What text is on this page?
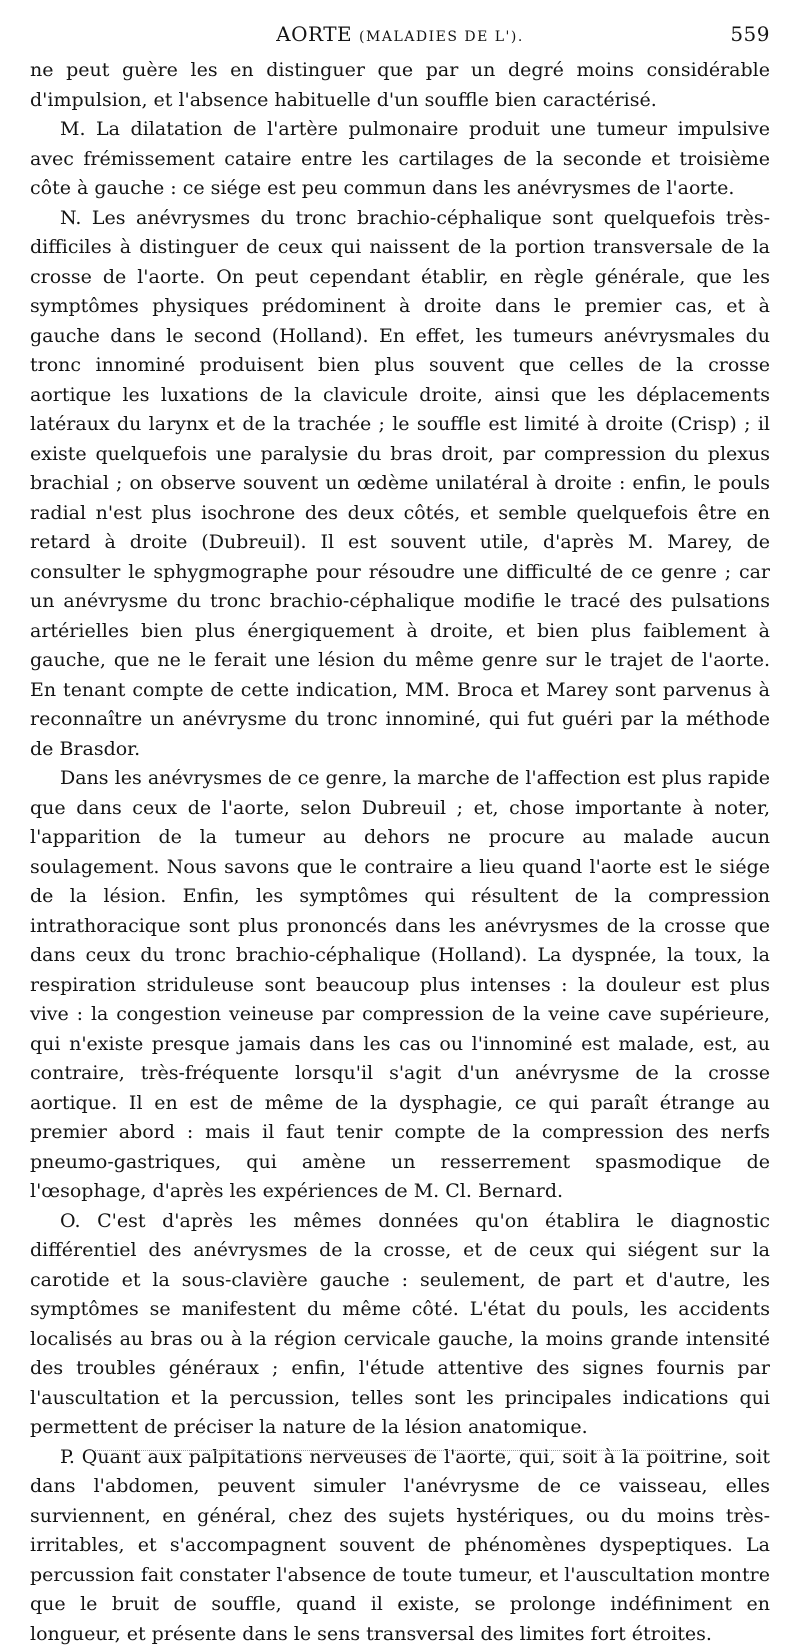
AORTE (MALADIES DE L').	559

ne peut guère les en distinguer que par un degré moins considérable d'impulsion, et l'absence habituelle d'un souffle bien caractérisé.

M. La dilatation de l'artère pulmonaire produit une tumeur impulsive avec frémissement cataire entre les cartilages de la seconde et troisième côte à gauche : ce siége est peu commun dans les anévrysmes de l'aorte.

N. Les anévrysmes du tronc brachio-céphalique sont quelquefois très-difficiles à distinguer de ceux qui naissent de la portion transversale de la crosse de l'aorte. On peut cependant établir, en règle générale, que les symptômes physiques prédominent à droite dans le premier cas, et à gauche dans le second (Holland). En effet, les tumeurs anévrysmales du tronc innominé produisent bien plus souvent que celles de la crosse aortique les luxations de la clavicule droite, ainsi que les déplacements latéraux du larynx et de la trachée ; le souffle est limité à droite (Crisp) ; il existe quelquefois une paralysie du bras droit, par compression du plexus brachial ; on observe souvent un œdème unilatéral à droite : enfin, le pouls radial n'est plus isochrone des deux côtés, et semble quelquefois être en retard à droite (Dubreuil). Il est souvent utile, d'après M. Marey, de consulter le sphygmographe pour résoudre une difficulté de ce genre ; car un anévrysme du tronc brachio-céphalique modifie le tracé des pulsations artérielles bien plus énergiquement à droite, et bien plus faiblement à gauche, que ne le ferait une lésion du même genre sur le trajet de l'aorte. En tenant compte de cette indication, MM. Broca et Marey sont parvenus à reconnaître un anévrysme du tronc innominé, qui fut guéri par la méthode de Brasdor.

Dans les anévrysmes de ce genre, la marche de l'affection est plus rapide que dans ceux de l'aorte, selon Dubreuil ; et, chose importante à noter, l'apparition de la tumeur au dehors ne procure au malade aucun soulagement. Nous savons que le contraire a lieu quand l'aorte est le siége de la lésion. Enfin, les symptômes qui résultent de la compression intrathoracique sont plus prononcés dans les anévrysmes de la crosse que dans ceux du tronc brachio-céphalique (Holland). La dyspnée, la toux, la respiration striduleuse sont beaucoup plus intenses : la douleur est plus vive : la congestion veineuse par compression de la veine cave supérieure, qui n'existe presque jamais dans les cas ou l'innominé est malade, est, au contraire, très-fréquente lorsqu'il s'agit d'un anévrysme de la crosse aortique. Il en est de même de la dysphagie, ce qui paraît étrange au premier abord : mais il faut tenir compte de la compression des nerfs pneumo-gastriques, qui amène un resserrement spasmodique de l'œsophage, d'après les expériences de M. Cl. Bernard.

O. C'est d'après les mêmes données qu'on établira le diagnostic différentiel des anévrysmes de la crosse, et de ceux qui siégent sur la carotide et la sous-clavière gauche : seulement, de part et d'autre, les symptômes se manifestent du même côté. L'état du pouls, les accidents localisés au bras ou à la région cervicale gauche, la moins grande intensité des troubles généraux ; enfin, l'étude attentive des signes fournis par l'auscultation et la percussion, telles sont les principales indications qui permettent de préciser la nature de la lésion anatomique.

P. Quant aux palpitations nerveuses de l'aorte, qui, soit à la poitrine, soit dans l'abdomen, peuvent simuler l'anévrysme de ce vaisseau, elles surviennent, en général, chez des sujets hystériques, ou du moins très-irritables, et s'accompagnent souvent de phénomènes dyspeptiques. La percussion fait constater l'absence de toute tumeur, et l'auscultation montre que le bruit de souffle, quand il existe, se prolonge indéfiniment en longueur, et présente dans le sens transversal des limites fort étroites.
